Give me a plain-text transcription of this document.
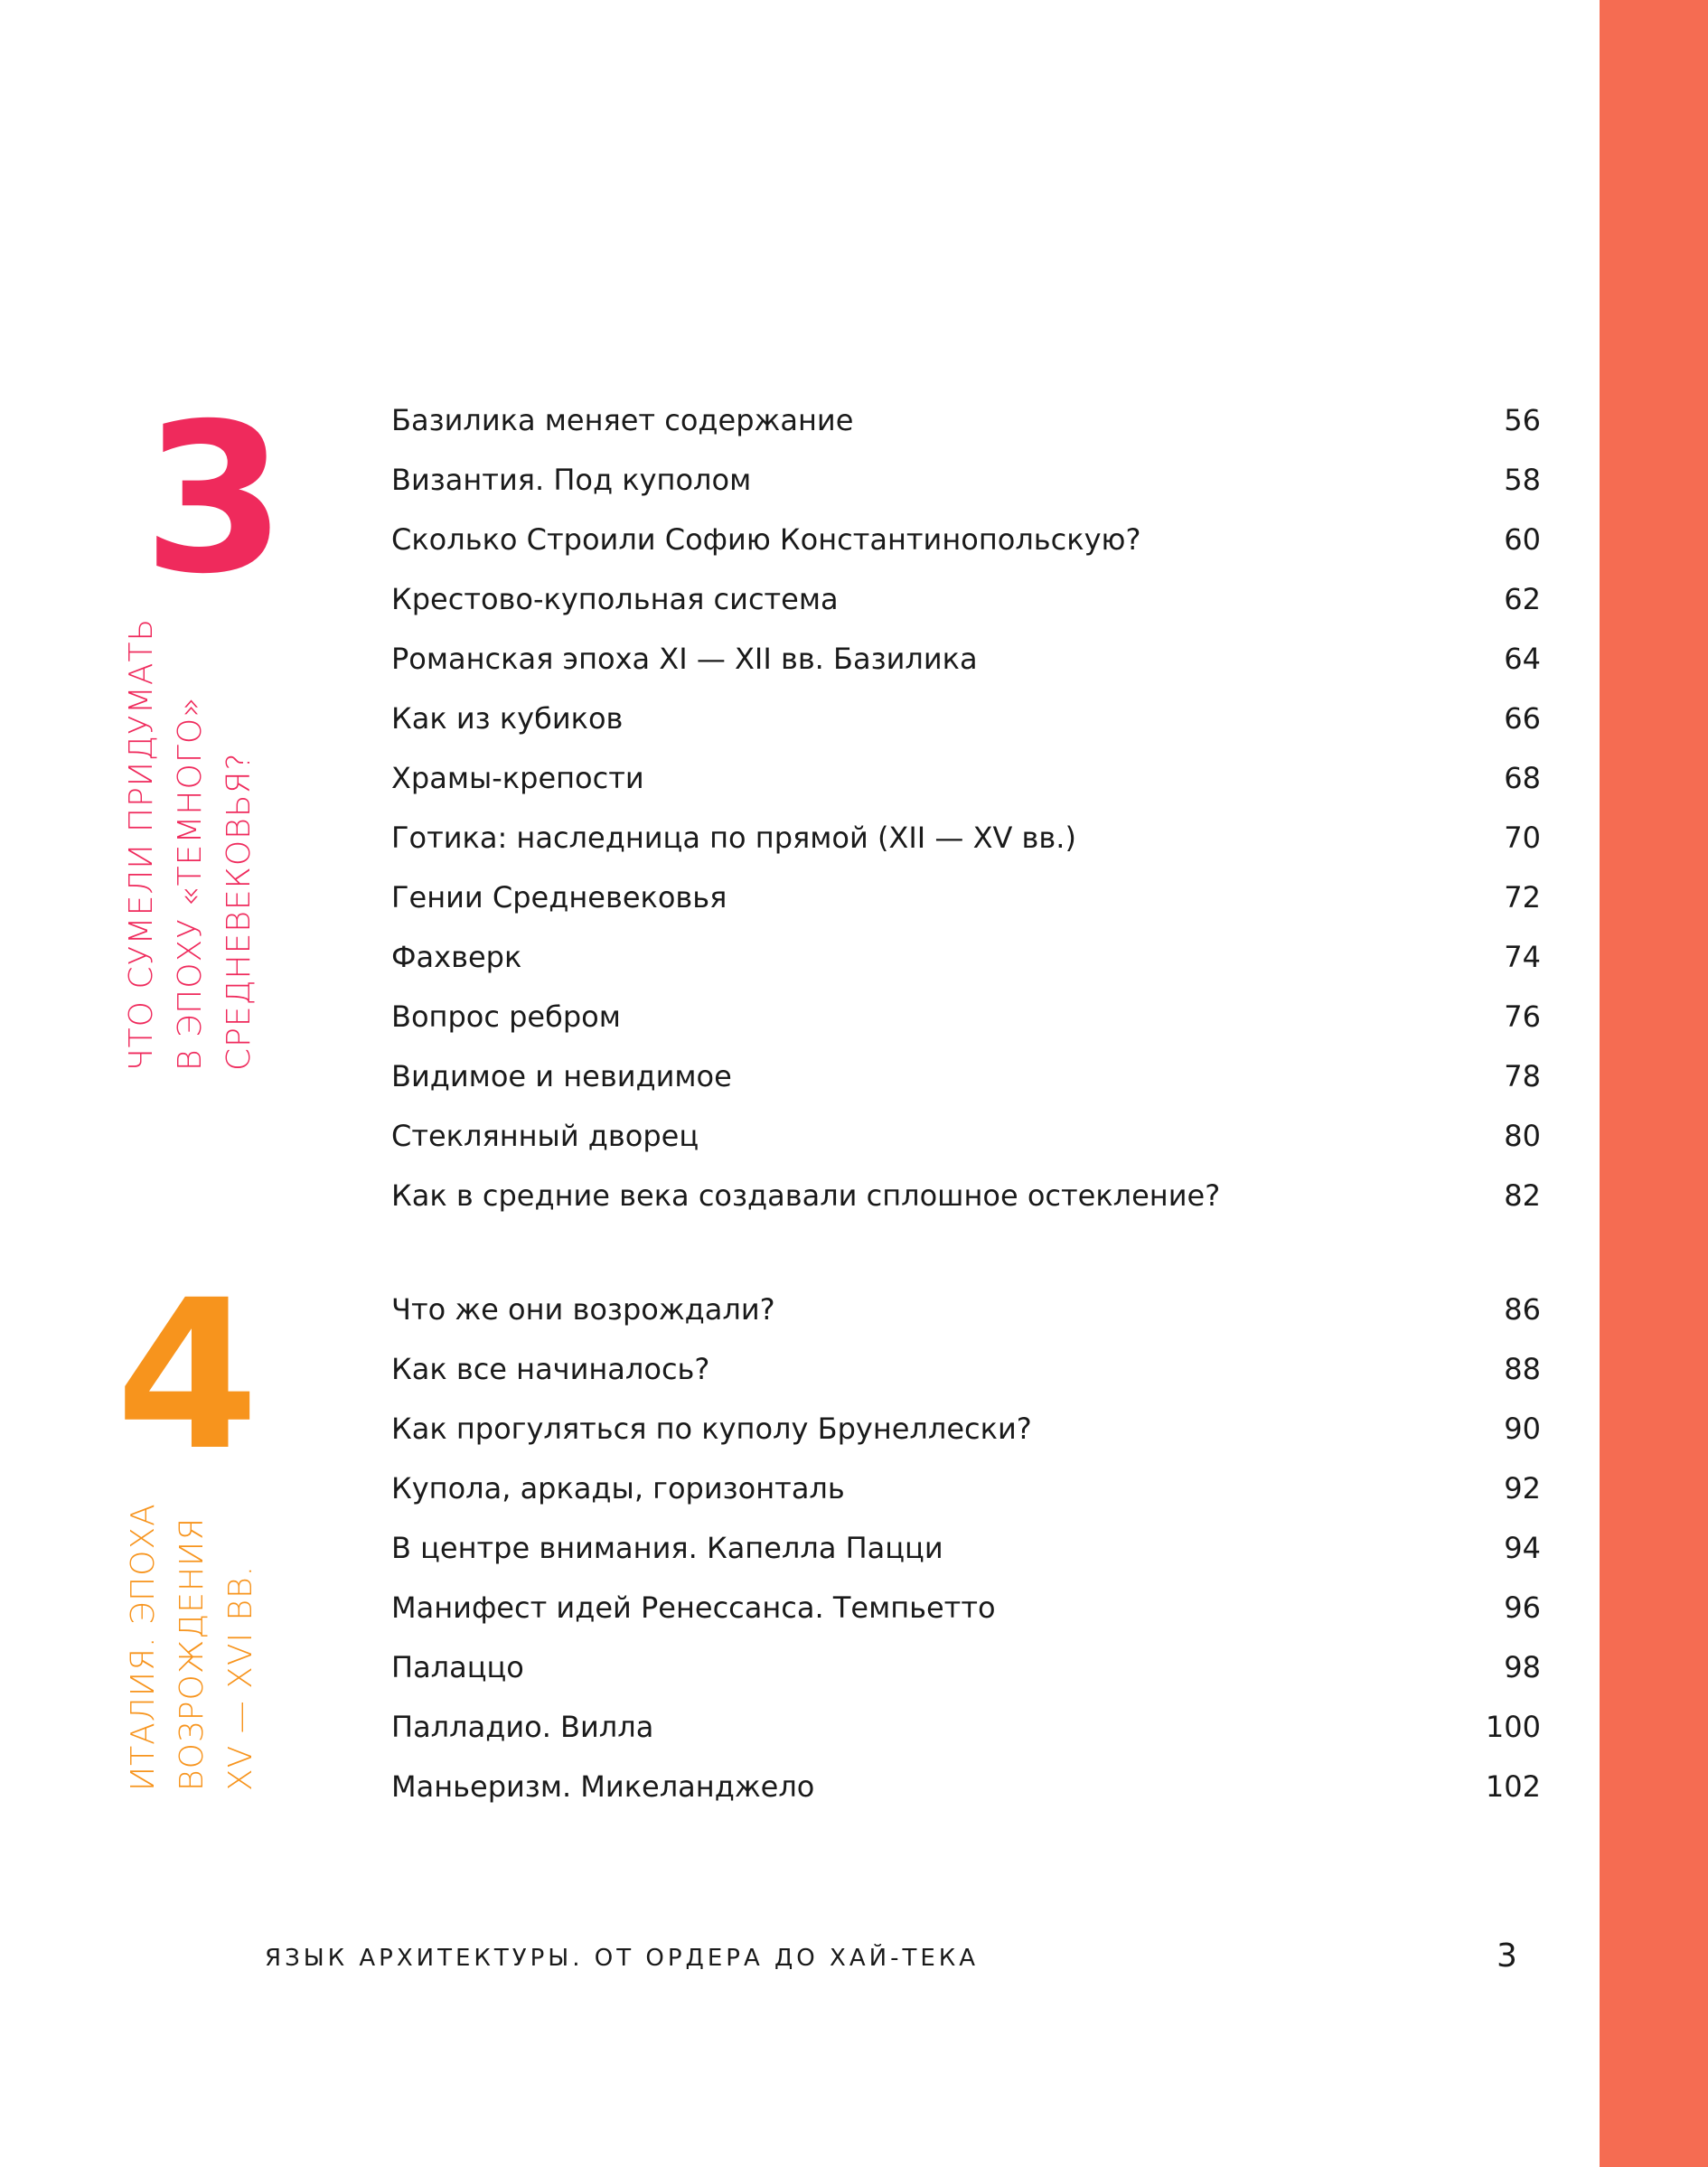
3
ЧТО СУМЕЛИ ПРИДУМАТЬ В ЭПОХУ «ТЕМНОГО» СРЕДНЕВЕКОВЬЯ?
Базилика меняет содержание	56
Византия. Под куполом	58
Сколько Строили Софию Константинопольскую?	60
Крестово-купольная система	62
Романская эпоха XI — XII вв. Базилика	64
Как из кубиков	66
Храмы-крепости	68
Готика: наследница по прямой (XII — XV вв.)	70
Гении Средневековья	72
Фахверк	74
Вопрос ребром	76
Видимое и невидимое	78
Стеклянный дворец	80
Как в средние века создавали сплошное остекление?	82
4
ИТАЛИЯ. ЭПОХА ВОЗРОЖДЕНИЯ XV — XVI ВВ.
Что же они возрождали?	86
Как все начиналось?	88
Как прогуляться по куполу Брунеллески?	90
Купола, аркады, горизонталь	92
В центре внимания. Капелла Пацци	94
Манифест идей Ренессанса. Темпьетто	96
Палаццо	98
Палладио. Вилла	100
Маньеризм. Микеланджело	102
ЯЗЫК АРХИТЕКТУРЫ. ОТ ОРДЕРА ДО ХАЙ-ТЕКА	3
